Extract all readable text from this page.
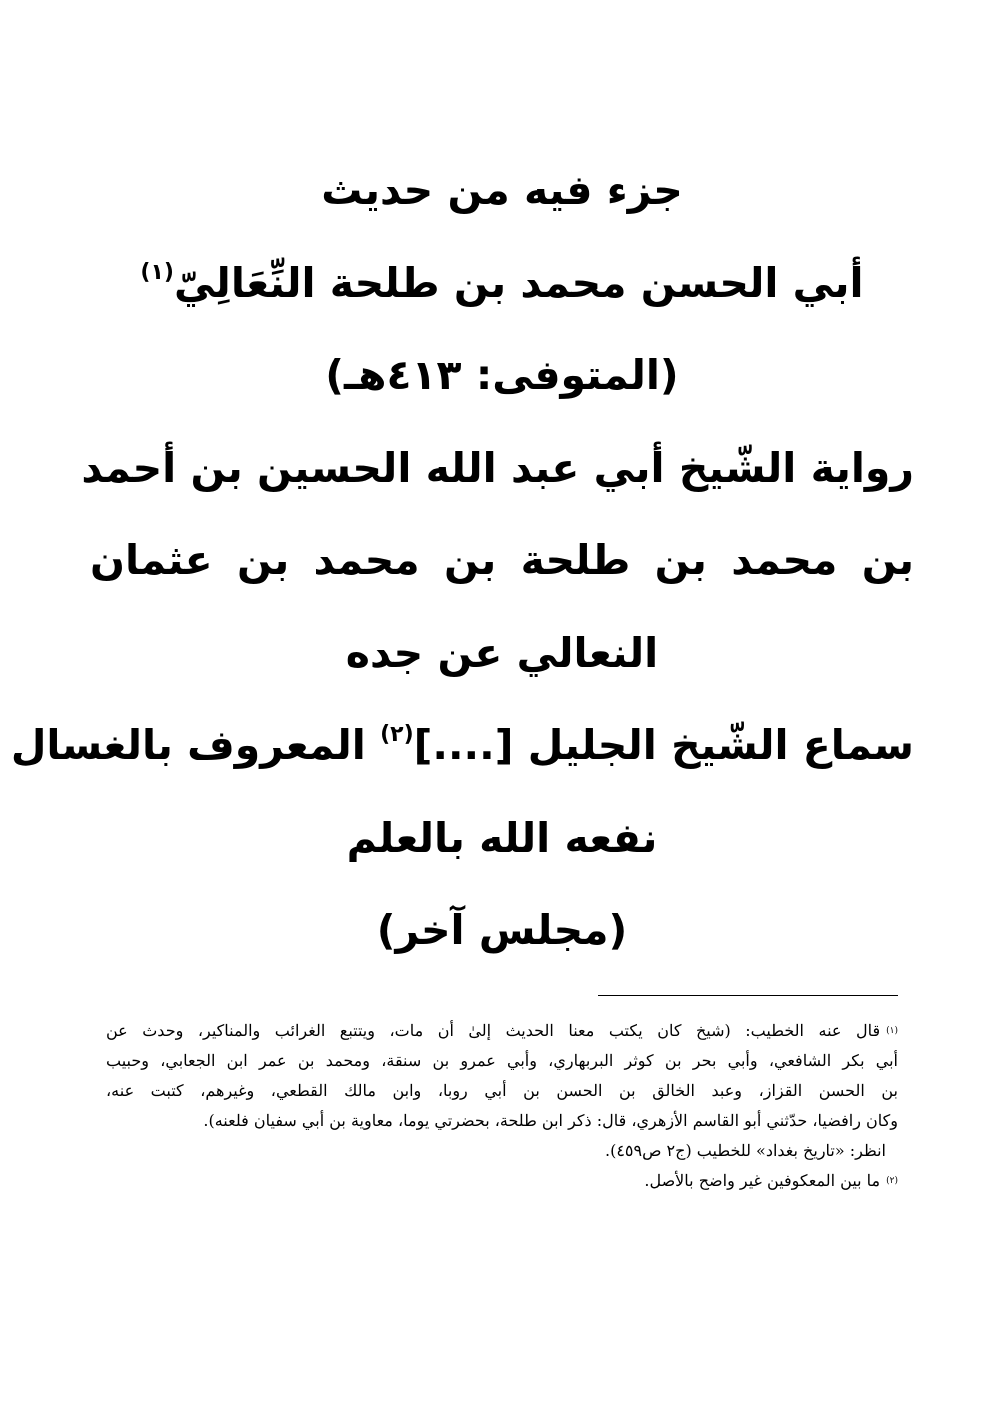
جزء فيه من حديث
أبي الحسن محمد بن طلحة النِّعَالِيّ$^{(١)}$
(المتوفى: ٤١٣هـ)
رواية الشّيخ أبي عبد الله الحسين بن أحمد
بن محمد بن طلحة بن محمد بن عثمان
النعالي عن جده
سماع الشّيخ الجليل [....]$^{(٢)}$ المعروف بالغسال
نفعه الله بالعلم
(مجلس آخر)
(١)قال عنه الخطيب: (شيخ كان يكتب معنا الحديث إلىٰ أن مات، ويتتبع الغرائب والمناكير، وحدث عن
أبي بكر الشافعي، وأبي بحر بن كوثر البربهاري، وأبي عمرو بن سنقة، ومحمد بن عمر ابن الجعابي، وحبيب
بن الحسن القزاز، وعبد الخالق بن الحسن بن أبي روبا، وابن مالك القطعي، وغيرهم، كتبت عنه،
وكان رافضيا، حدّثني أبو القاسم الأزهري، قال: ذكر ابن طلحة، بحضرتي يوما، معاوية بن أبي سفيان فلعنه).
انظر: «تاريخ بغداد» للخطيب (ج٢ ص٤٥٩).
(٢)ما بين المعكوفين غير واضح بالأصل.
